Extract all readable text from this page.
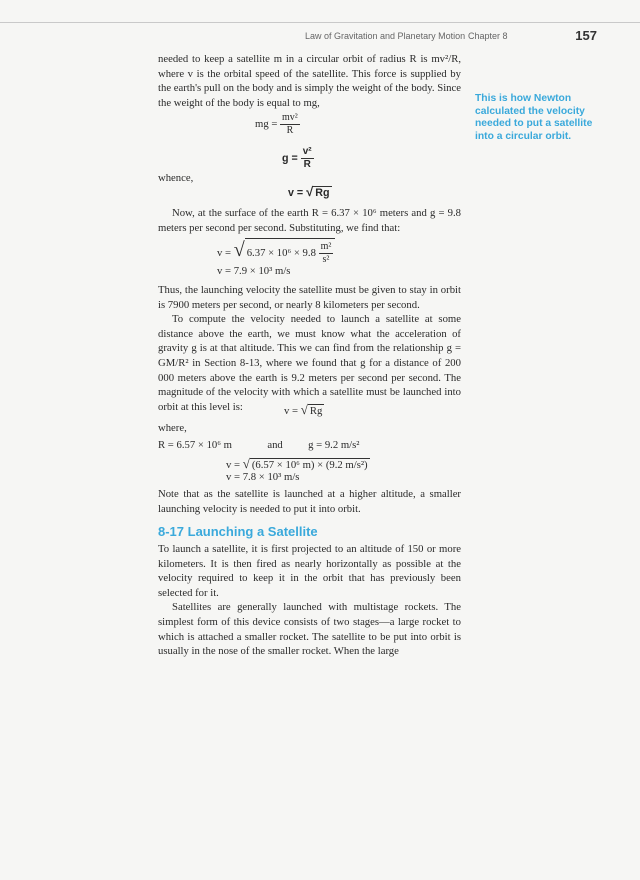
Law of Gravitation and Planetary Motion Chapter 8	157
This is how Newton calculated the velocity needed to put a satellite into a circular orbit.

needed to keep a satellite m in a circular orbit of radius R is mv²/R, where v is the orbital speed of the satellite. This force is supplied by the earth's pull on the body and is simply the weight of the body. Since the weight of the body is equal to mg,

mg = $\frac{\text{mv²}}{R}$
$g = \frac{\text{v²}}{R}$
whence,
v = √ Rg

Now, at the surface of the earth R = 6.37 × 10⁶ meters and g = 9.8 meters per second per second. Substituting, we find that:

v = √ $6.37 \times 10^6 \times 9.8 \frac{\text{m²}}{\text{s²}}$
v = 7.9 × 10³ m/s

Thus, the launching velocity the satellite must be given to stay in orbit is 7900 meters per second, or nearly 8 kilometers per second.

To compute the velocity needed to launch a satellite at some distance above the earth, we must know what the acceleration of gravity g is at that altitude. This we can find from the relationship g = GM/R² in Section 8-13, where we found that g for a distance of 200 000 meters above the earth is 9.2 meters per second per second. The magnitude of the velocity with which a satellite must be launched into orbit at this level is:	v = √ Rg
where,
R = 6.57 × 10⁶ m	and g = 9.2 m/s²
v = √ (6.57 × 10⁶ m) × (9.2 m/s²)
v = 7.8 × 10³ m/s

Note that as the satellite is launched at a higher altitude, a smaller launching velocity is needed to put it into orbit.

8-17 Launching a Satellite

To launch a satellite, it is first projected to an altitude of 150 or more kilometers. It is then fired as nearly horizontally as possible at the velocity required to keep it in the orbit that has previously been selected for it.

Satellites are generally launched with multistage rockets. The simplest form of this device consists of two stages—a large rocket to which is attached a smaller rocket. The satellite to be put into orbit is usually in the nose of the smaller rocket. When the large
